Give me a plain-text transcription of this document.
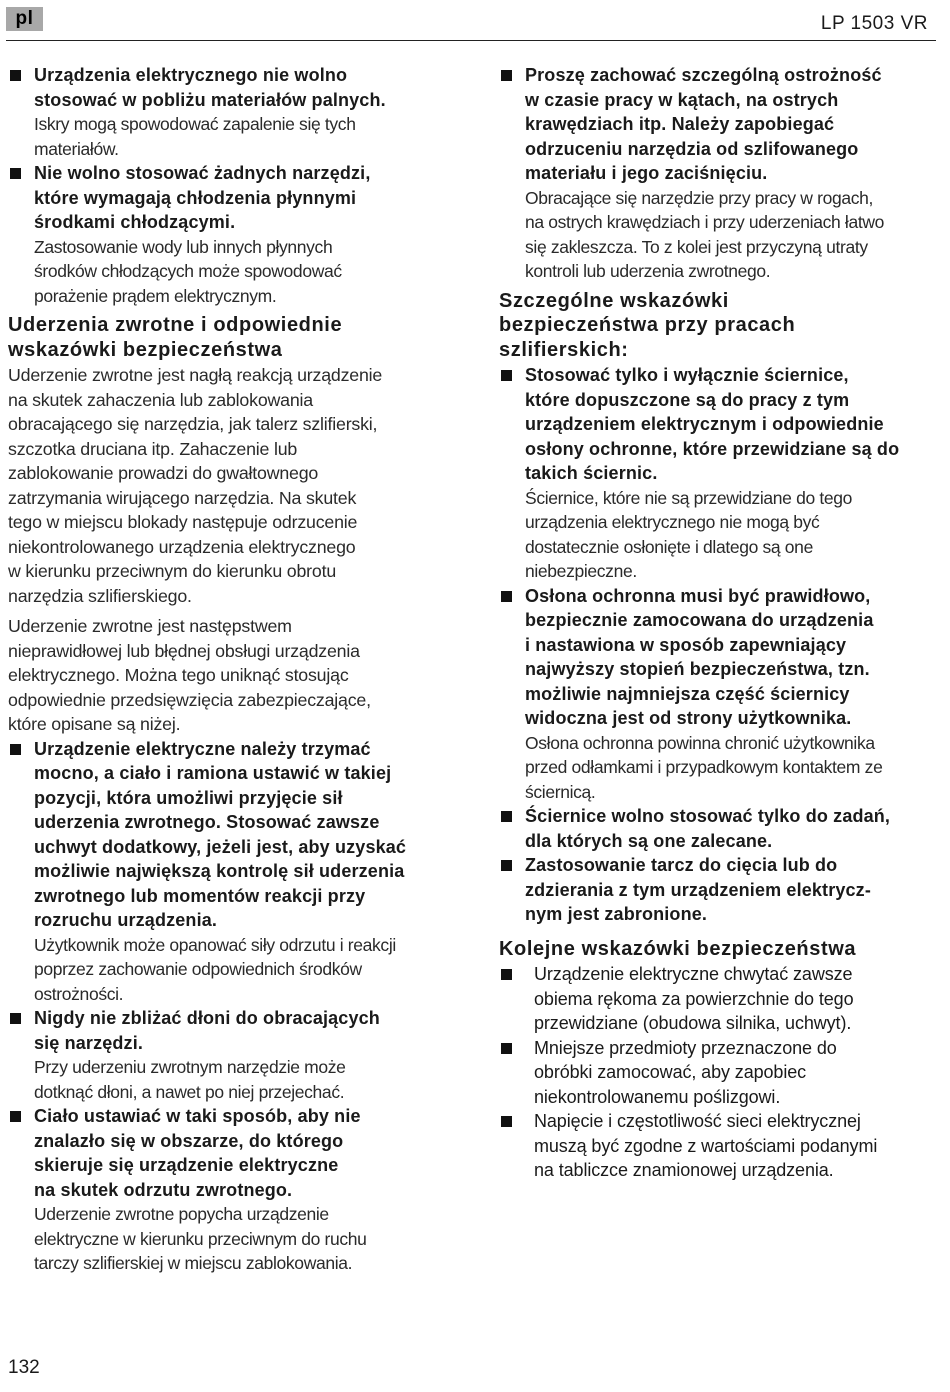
pl	LP 1503 VR
Urządzenia elektrycznego nie wolno
stosować w pobliżu materiałów palnych.
Iskry mogą spowodować zapalenie się tych
materiałów.
Nie wolno stosować żadnych narzędzi,
które wymagają chłodzenia płynnymi
środkami chłodzącymi.
Zastosowanie wody lub innych płynnych
środków chłodzących może spowodować
porażenie prądem elektrycznym.
Uderzenia zwrotne i odpowiednie
wskazówki bezpieczeństwa
Uderzenie zwrotne jest nagłą reakcją urządzenie
na skutek zahaczenia lub zablokowania
obracającego się narzędzia, jak talerz szlifierski,
szczotka druciana itp. Zahaczenie lub
zablokowanie prowadzi do gwałtownego
zatrzymania wirującego narzędzia. Na skutek
tego w miejscu blokady następuje odrzucenie
niekontrolowanego urządzenia elektrycznego
w kierunku przeciwnym do kierunku obrotu
narzędzia szlifierskiego.
Uderzenie zwrotne jest następstwem
nieprawidłowej lub błędnej obsługi urządzenia
elektrycznego. Można tego uniknąć stosując
odpowiednie przedsięwzięcia zabezpieczające,
które opisane są niżej.
Urządzenie elektryczne należy trzymać
mocno, a ciało i ramiona ustawić w takiej
pozycji, która umożliwi przyjęcie sił
uderzenia zwrotnego. Stosować zawsze
uchwyt dodatkowy, jeżeli jest, aby uzyskać
możliwie największą kontrolę sił uderzenia
zwrotnego lub momentów reakcji przy
rozruchu urządzenia.
Użytkownik może opanować siły odrzutu i reakcji
poprzez zachowanie odpowiednich środków
ostrożności.
Nigdy nie zbliżać dłoni do obracających
się narzędzi.
Przy uderzeniu zwrotnym narzędzie może
dotknąć dłoni, a nawet po niej przejechać.
Ciało ustawiać w taki sposób, aby nie
znalazło się w obszarze, do którego
skieruje się urządzenie elektryczne
na skutek odrzutu zwrotnego.
Uderzenie zwrotne popycha urządzenie
elektryczne w kierunku przeciwnym do ruchu
tarczy szlifierskiej w miejscu zablokowania.
Proszę zachować szczególną ostrożność
w czasie pracy w kątach, na ostrych
krawędziach itp. Należy zapobiegać
odrzuceniu narzędzia od szlifowanego
materiału i jego zaciśnięciu.
Obracające się narzędzie przy pracy w rogach,
na ostrych krawędziach i przy uderzeniach łatwo
się zakleszcza. To z kolei jest przyczyną utraty
kontroli lub uderzenia zwrotnego.
Szczególne wskazówki
bezpieczeństwa przy pracach
szlifierskich:
Stosować tylko i wyłącznie ściernice,
które dopuszczone są do pracy z tym
urządzeniem elektrycznym i odpowiednie
osłony ochronne, które przewidziane są do
takich ściernic.
Ściernice, które nie są przewidziane do tego
urządzenia elektrycznego nie mogą być
dostatecznie osłonięte i dlatego są one
niebezpieczne.
Osłona ochronna musi być prawidłowo,
bezpiecznie zamocowana do urządzenia
i nastawiona w sposób zapewniający
najwyższy stopień bezpieczeństwa, tzn.
możliwie najmniejsza część ściernicy
widoczna jest od strony użytkownika.
Osłona ochronna powinna chronić użytkownika
przed odłamkami i przypadkowym kontaktem ze
ściernicą.
Ściernice wolno stosować tylko do zadań,
dla których są one zalecane.
Zastosowanie tarcz do cięcia lub do
zdzierania z tym urządzeniem elektrycz-
nym jest zabronione.
Kolejne wskazówki bezpieczeństwa
Urządzenie elektryczne chwytać zawsze
obiema rękoma za powierzchnie do tego
przewidziane (obudowa silnika, uchwyt).
Mniejsze przedmioty przeznaczone do
obróbki zamocować, aby zapobiec
niekontrolowanemu poślizgowi.
Napięcie i częstotliwość sieci elektrycznej
muszą być zgodne z wartościami podanymi
na tabliczce znamionowej urządzenia.
132
